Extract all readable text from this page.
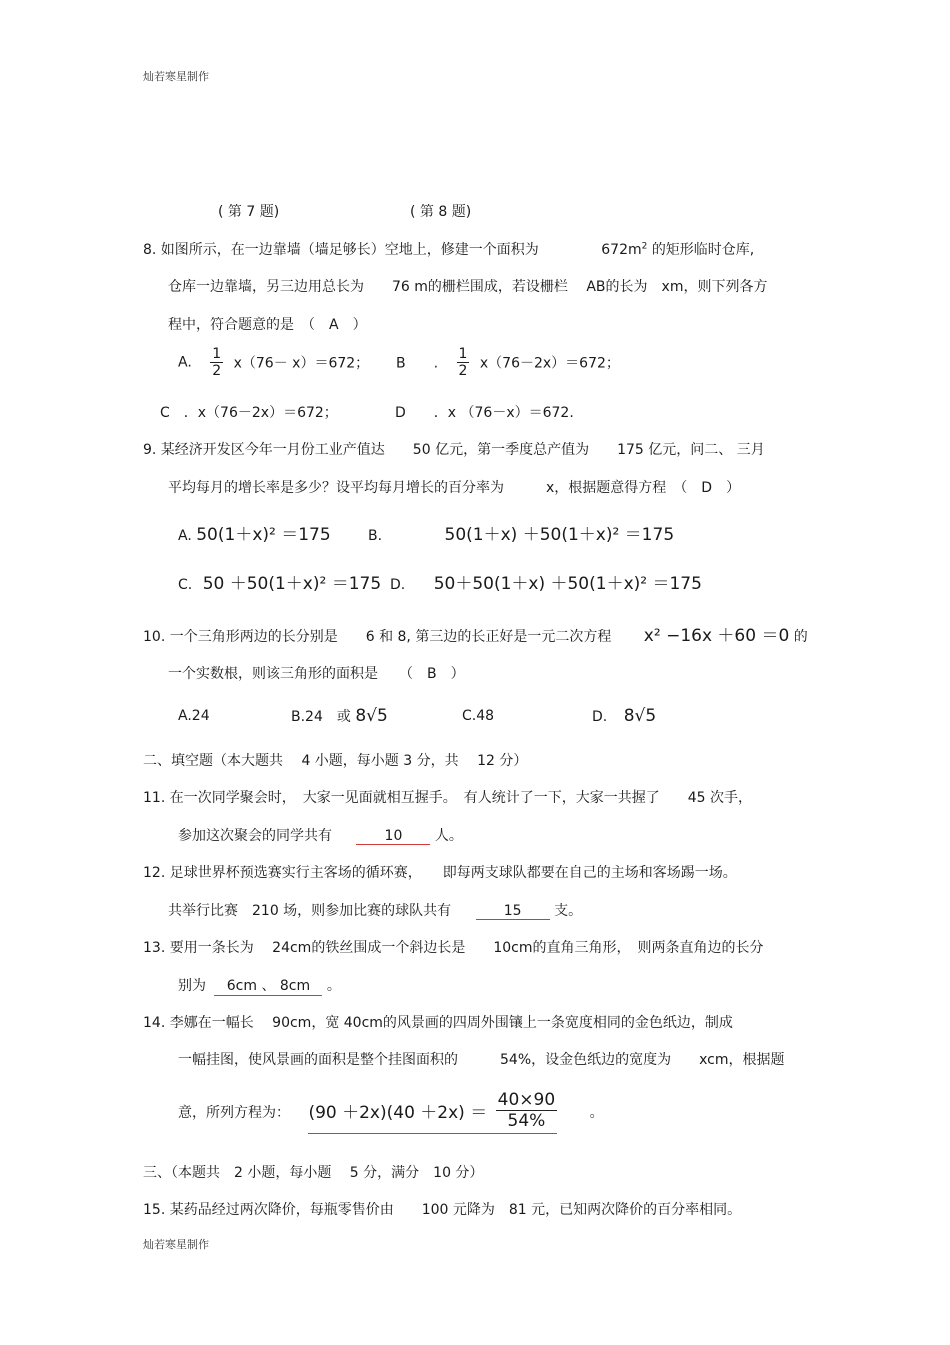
灿若寒星制作
灿若寒星制作
( 第 7 题)	( 第 8 题)
8. 如图所示，在一边靠墙（墙足够长）空地上，修建一个面积为	$672m^2$ 的矩形临时仓库,
仓库一边靠墙，另三边用总长为　　76 m的栅栏围成，若设栅栏　 AB的长为　xm，则下列各方
程中，符合题意的是　（　A　）
A. $\frac{1}{2} x(76- x)=672$； B　　. $\frac{1}{2} x(76-2x)=672$；
C　．x（76－2x）＝672；	D　　．x （76－x）＝672.
9. 某经济开发区今年一月份工业产值达　　50 亿元，第一季度总产值为　　175 亿元，问二、 三月
平均每月的增长率是多少？设平均每月增长的百分率为　　　x，根据题意得方程　（　D　）
A. 50(1＋x)² ＝175	B.	50(1＋x) ＋50(1＋x)² ＝175
C. 50 ＋50(1＋x)² ＝175 D. 50＋50(1＋x) ＋50(1＋x)² ＝175
10. 一个三角形两边的长分别是　　6 和 8, 第三边的长正好是一元二次方程 x² −16x ＋60 ＝0 的
一个实数根，则该三角形的面积是　　（　B　）
A.24	B.24　或 8√5	C.48	D. 8√5
二、填空题（本大题共　 4 小题，每小题 3 分，共　 12 分）
11. 在一次同学聚会时，　大家一见面就相互握手。　有人统计了一下，大家一共握了　　45 次手，
参加这次聚会的同学共有	10 人。
12. 足球世界杯预选赛实行主客场的循环赛，　　即每两支球队都要在自己的主场和客场踢一场。
共举行比赛　210 场，则参加比赛的球队共有	15 支。
13. 要用一条长为　 24cm的铁丝围成一个斜边长是　　10cm的直角三角形，　则两条直角边的长分
别为 6cm 、 8cm 。
14. 李娜在一幅长　 90cm，宽 40cm的风景画的四周外围镶上一条宽度相同的金色纸边，制成
一幅挂图，使风景画的面积是整个挂图面积的　　　54%，设金色纸边的宽度为　　xcm，根据题
意，所列方程为： $(90 +2x)(40 +2x) = \frac{40\times 90}{54\%}$ 。
三、（本题共　2 小题，每小题　 5 分，满分　10 分）
15. 某药品经过两次降价，每瓶零售价由　　100 元降为　81 元，已知两次降价的百分率相同。
